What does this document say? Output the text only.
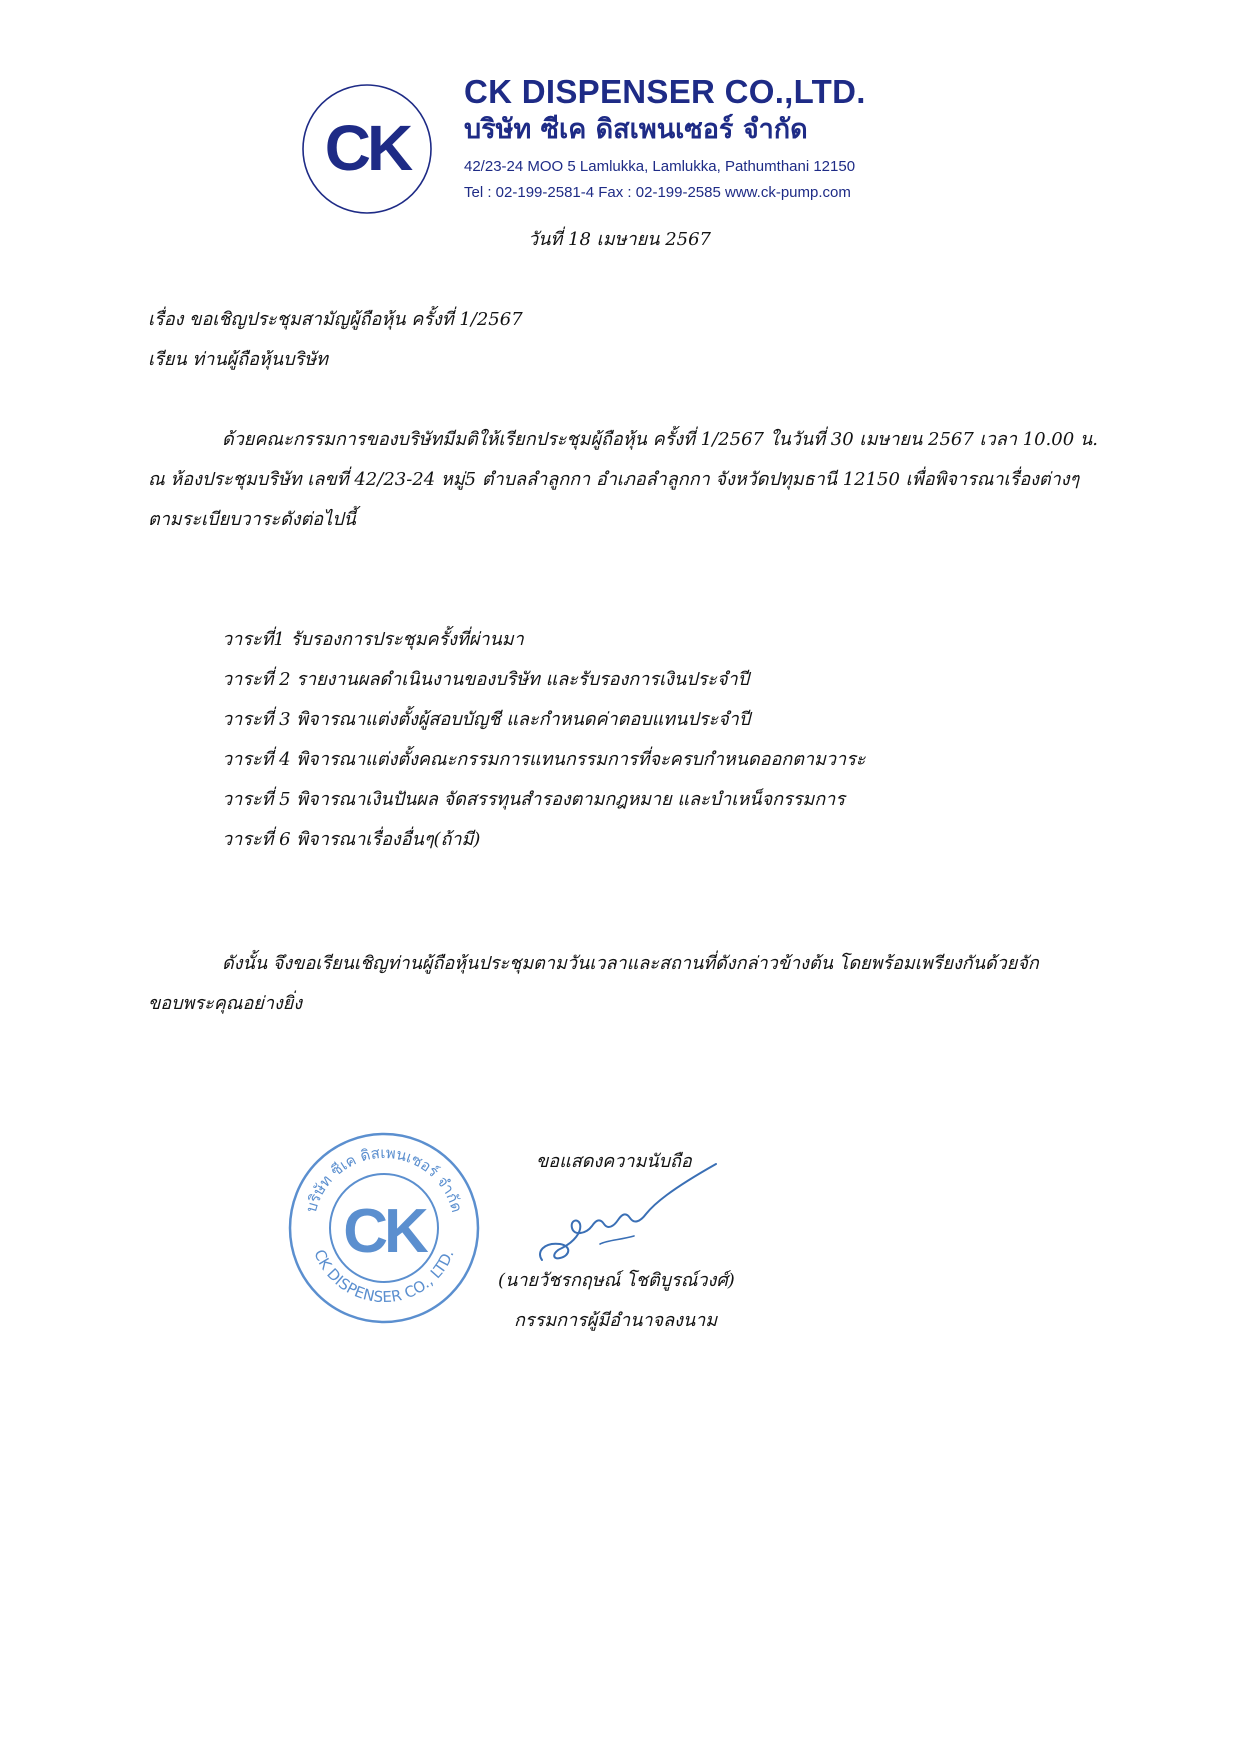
CK
CK DISPENSER CO.,LTD.
บริษัท ซีเค ดิสเพนเซอร์ จำกัด
42/23-24 MOO 5 Lamlukka, Lamlukka, Pathumthani 12150
Tel : 02-199-2581-4 Fax : 02-199-2585 www.ck-pump.com
วันที่ 18 เมษายน 2567
เรื่อง ขอเชิญประชุมสามัญผู้ถือหุ้น ครั้งที่ 1/2567
เรียน ท่านผู้ถือหุ้นบริษัท
ด้วยคณะกรรมการของบริษัทมีมติให้เรียกประชุมผู้ถือหุ้น ครั้งที่ 1/2567 ในวันที่ 30 เมษายน 2567 เวลา 10.00 น.
ณ ห้องประชุมบริษัท เลขที่ 42/23-24 หมู่5 ตำบลลำลูกกา อำเภอลำลูกกา จังหวัดปทุมธานี 12150 เพื่อพิจารณาเรื่องต่างๆ
ตามระเบียบวาระดังต่อไปนี้
วาระที่1 รับรองการประชุมครั้งที่ผ่านมา
วาระที่ 2 รายงานผลดำเนินงานของบริษัท และรับรองการเงินประจำปี
วาระที่ 3 พิจารณาแต่งตั้งผู้สอบบัญชี และกำหนดค่าตอบแทนประจำปี
วาระที่ 4 พิจารณาแต่งตั้งคณะกรรมการแทนกรรมการที่จะครบกำหนดออกตามวาระ
วาระที่ 5 พิจารณาเงินปันผล จัดสรรทุนสำรองตามกฎหมาย และบำเหน็จกรรมการ
วาระที่ 6 พิจารณาเรื่องอื่นๆ(ถ้ามี)
ดังนั้น จึงขอเรียนเชิญท่านผู้ถือหุ้นประชุมตามวันเวลาและสถานที่ดังกล่าวข้างต้น โดยพร้อมเพรียงกันด้วยจัก
ขอบพระคุณอย่างยิ่ง
บริษัท ซีเค ดิสเพนเซอร์ จำกัด
CK DISPENSER CO., LTD.
CK
ขอแสดงความนับถือ
(นายวัชรกฤษณ์ โชติบูรณ์วงศ์)
กรรมการผู้มีอำนาจลงนาม
